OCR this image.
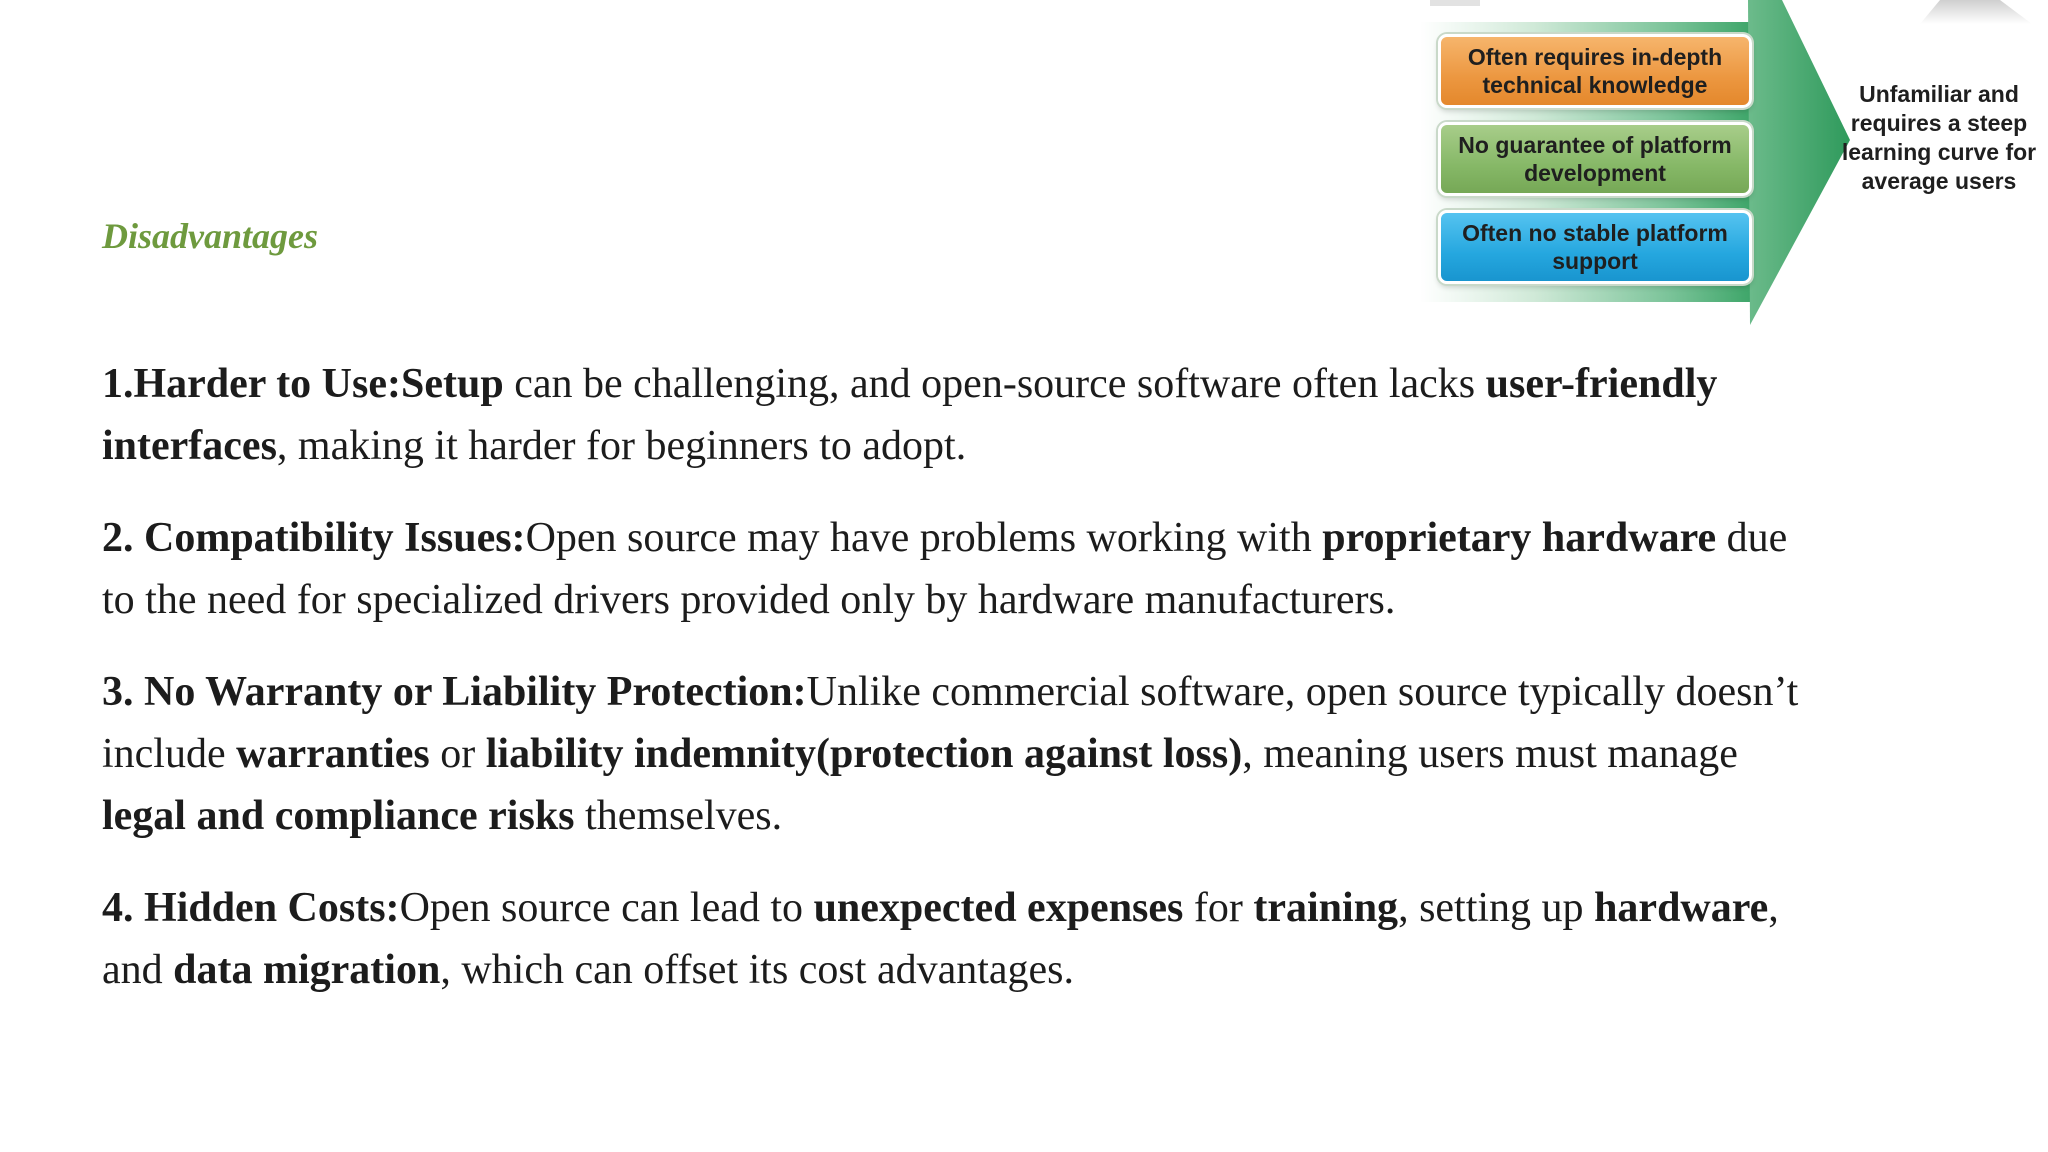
Disadvantages

1.Harder to Use:Setup can be challenging, and open-source software often lacks user-friendly interfaces, making it harder for beginners to adopt.

2. Compatibility Issues:Open source may have problems working with proprietary hardware due to the need for specialized drivers provided only by hardware manufacturers.

3. No Warranty or Liability Protection:Unlike commercial software, open source typically doesn’t include warranties or liability indemnity(protection against loss), meaning users must manage legal and compliance risks themselves.

4. Hidden Costs:Open source can lead to unexpected expenses for training, setting up hardware, and data migration, which can offset its cost advantages.

Often requires in-depth technical knowledge
No guarantee of platform development
Often no stable platform support
Unfamiliar and requires a steep learning curve for average users
